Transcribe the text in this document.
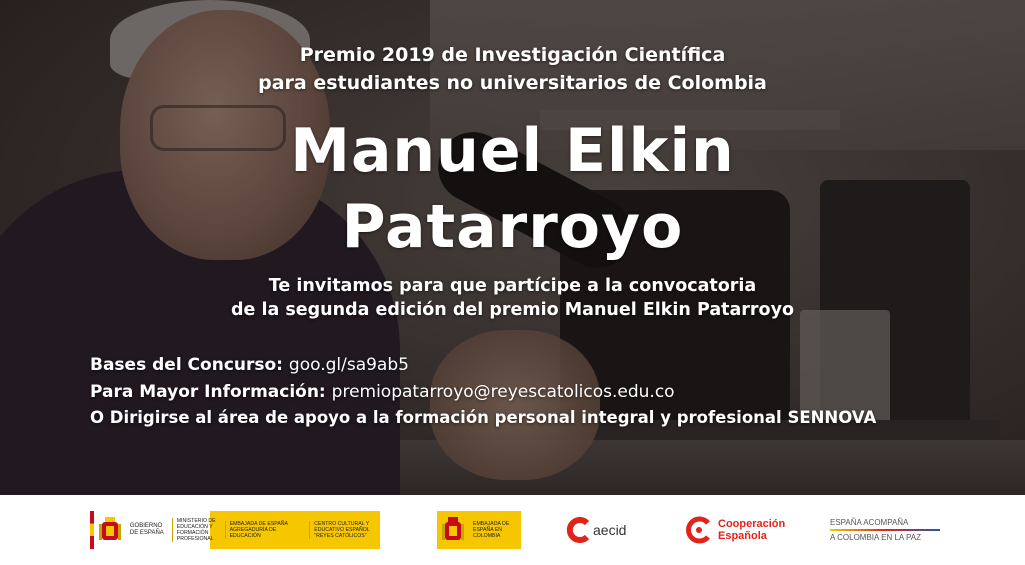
Premio 2019 de Investigación Científica
para estudiantes no universitarios de Colombia
Manuel Elkin
Patarroyo
Te invitamos para que partícipe a la convocatoria
de la segunda edición del premio Manuel Elkin Patarroyo
Bases del Concurso: goo.gl/sa9ab5
Para Mayor Información: premiopatarroyo@reyescatolicos.edu.co
O Dirigirse al área de apoyo a la formación personal integral y profesional SENNOVA
GOBIERNO DE ESPAÑA
MINISTERIO DE EDUCACIÓN Y FORMACIÓN PROFESIONAL
EMBAJADA DE ESPAÑA AGREGADURÍA DE EDUCACIÓN
CENTRO CULTURAL Y EDUCATIVO ESPAÑOL "REYES CATÓLICOS"
EMBAJADA DE ESPAÑA EN COLOMBIA	aecid	Cooperación
Española
ESPAÑA ACOMPAÑA
A COLOMBIA EN LA PAZ
